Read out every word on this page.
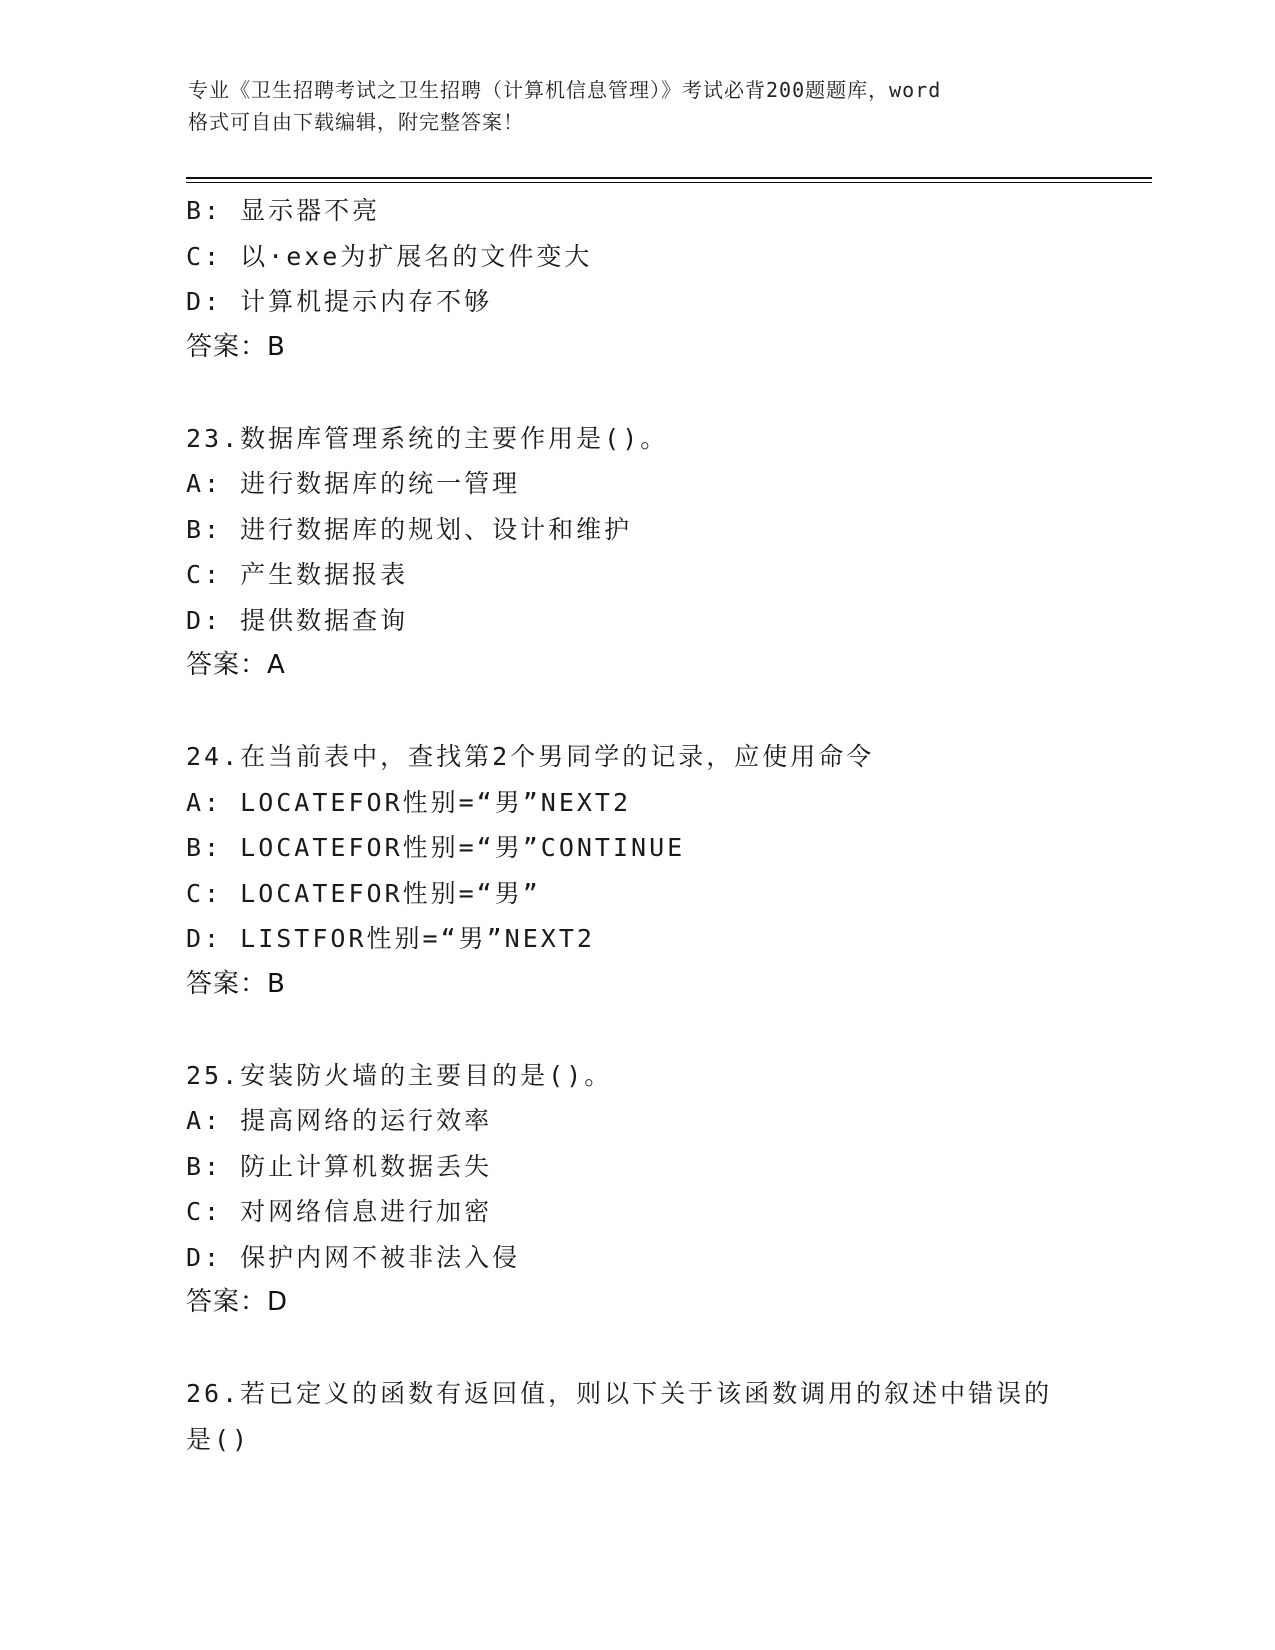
专业《卫生招聘考试之卫生招聘（计算机信息管理）》考试必背200题题库，word
格式可自由下载编辑，附完整答案！
B: 显示器不亮
C: 以·exe为扩展名的文件变大
D: 计算机提示内存不够
答案：B
23.数据库管理系统的主要作用是()。
A: 进行数据库的统一管理
B: 进行数据库的规划、设计和维护
C: 产生数据报表
D: 提供数据查询
答案：A
24.在当前表中，查找第2个男同学的记录，应使用命令
A: LOCATEFOR性别=“男”NEXT2
B: LOCATEFOR性别=“男”CONTINUE
C: LOCATEFOR性别=“男”
D: LISTFOR性别=“男”NEXT2
答案：B
25.安装防火墙的主要目的是()。
A: 提高网络的运行效率
B: 防止计算机数据丢失
C: 对网络信息进行加密
D: 保护内网不被非法入侵
答案：D
26.若已定义的函数有返回值，则以下关于该函数调用的叙述中错误的是()
